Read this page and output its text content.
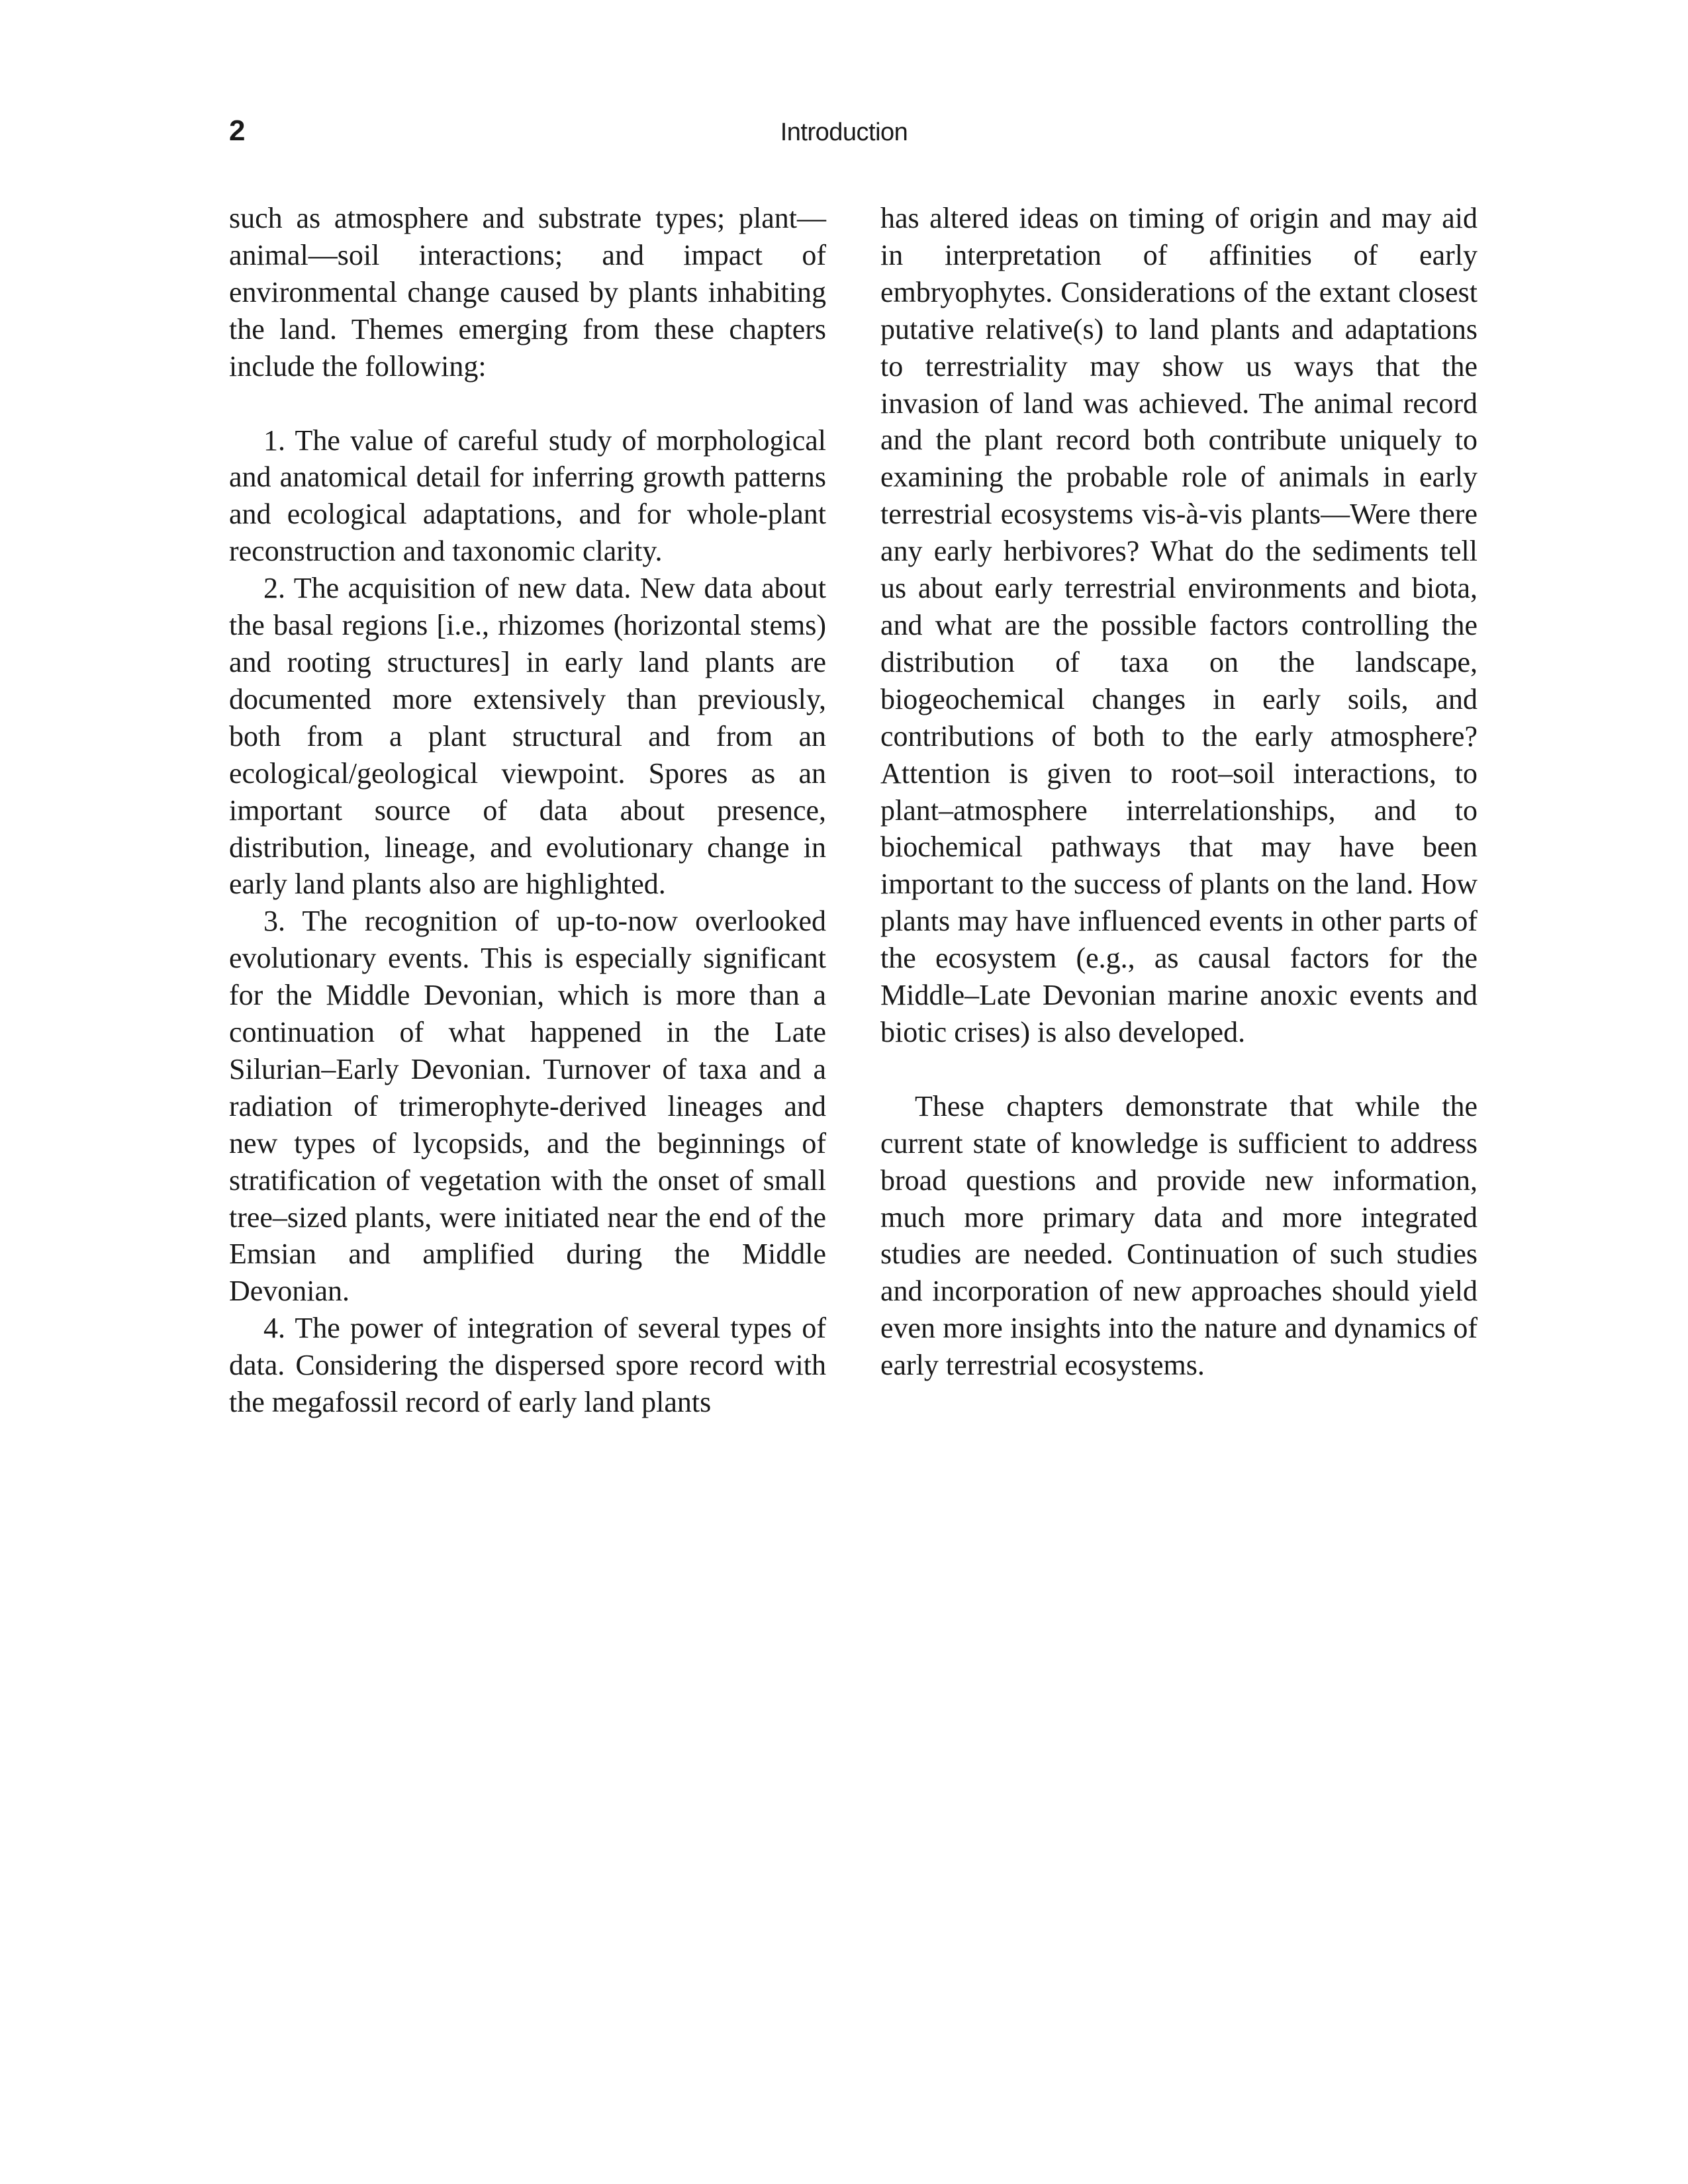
2	Introduction

such as atmosphere and substrate types; plant—animal—soil interactions; and impact of environmental change caused by plants inhabiting the land. Themes emerging from these chapters include the following:

1. The value of careful study of morphological and anatomical detail for inferring growth patterns and ecological adaptations, and for whole-plant reconstruction and taxonomic clarity.

2. The acquisition of new data. New data about the basal regions [i.e., rhizomes (horizontal stems) and rooting structures] in early land plants are documented more extensively than previously, both from a plant structural and from an ecological/geological viewpoint. Spores as an important source of data about presence, distribution, lineage, and evolutionary change in early land plants also are highlighted.

3. The recognition of up-to-now overlooked evolutionary events. This is especially significant for the Middle Devonian, which is more than a continuation of what happened in the Late Silurian–Early Devonian. Turnover of taxa and a radiation of trimerophyte-derived lineages and new types of lycopsids, and the beginnings of stratification of vegetation with the onset of small tree–sized plants, were initiated near the end of the Emsian and amplified during the Middle Devonian.

4. The power of integration of several types of data. Considering the dispersed spore record with the megafossil record of early land plants

has altered ideas on timing of origin and may aid in interpretation of affinities of early embryophytes. Considerations of the extant closest putative relative(s) to land plants and adaptations to terrestriality may show us ways that the invasion of land was achieved. The animal record and the plant record both contribute uniquely to examining the probable role of animals in early terrestrial ecosystems vis-à-vis plants—Were there any early herbivores? What do the sediments tell us about early terrestrial environments and biota, and what are the possible factors controlling the distribution of taxa on the landscape, biogeochemical changes in early soils, and contributions of both to the early atmosphere? Attention is given to root–soil interactions, to plant–atmosphere interrelationships, and to biochemical pathways that may have been important to the success of plants on the land. How plants may have influenced events in other parts of the ecosystem (e.g., as causal factors for the Middle–Late Devonian marine anoxic events and biotic crises) is also developed.

These chapters demonstrate that while the current state of knowledge is sufficient to address broad questions and provide new information, much more primary data and more integrated studies are needed. Continuation of such studies and incorporation of new approaches should yield even more insights into the nature and dynamics of early terrestrial ecosystems.
